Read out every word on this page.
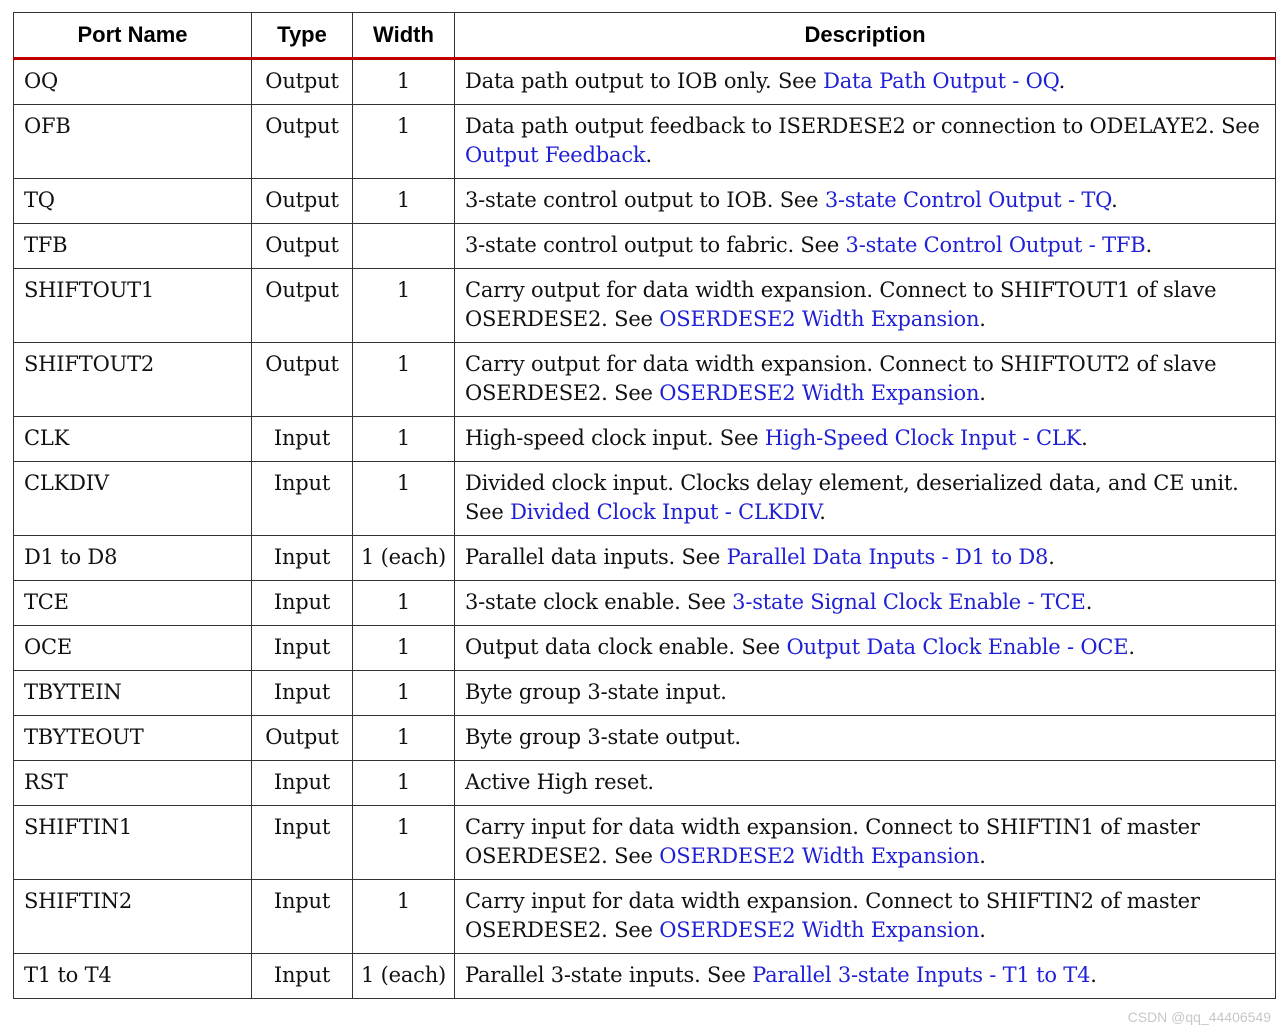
Port Name	Type	Width	Description
OQ	Output	1	Data path output to IOB only. See Data Path Output - OQ.
OFB	Output	1	Data path output feedback to ISERDESE2 or connection to ODELAYE2. See Output Feedback.
TQ	Output	1	3-state control output to IOB. See 3-state Control Output - TQ.
TFB	Output		3-state control output to fabric. See 3-state Control Output - TFB.
SHIFTOUT1	Output	1	Carry output for data width expansion. Connect to SHIFTOUT1 of slave OSERDESE2. See OSERDESE2 Width Expansion.
SHIFTOUT2	Output	1	Carry output for data width expansion. Connect to SHIFTOUT2 of slave OSERDESE2. See OSERDESE2 Width Expansion.
CLK	Input	1	High-speed clock input. See High-Speed Clock Input - CLK.
CLKDIV	Input	1	Divided clock input. Clocks delay element, deserialized data, and CE unit. See Divided Clock Input - CLKDIV.
D1 to D8	Input	1 (each)	Parallel data inputs. See Parallel Data Inputs - D1 to D8.
TCE	Input	1	3-state clock enable. See 3-state Signal Clock Enable - TCE.
OCE	Input	1	Output data clock enable. See Output Data Clock Enable - OCE.
TBYTEIN	Input	1	Byte group 3-state input.
TBYTEOUT	Output	1	Byte group 3-state output.
RST	Input	1	Active High reset.
SHIFTIN1	Input	1	Carry input for data width expansion. Connect to SHIFTIN1 of master OSERDESE2. See OSERDESE2 Width Expansion.
SHIFTIN2	Input	1	Carry input for data width expansion. Connect to SHIFTIN2 of master OSERDESE2. See OSERDESE2 Width Expansion.
T1 to T4	Input	1 (each)	Parallel 3-state inputs. See Parallel 3-state Inputs - T1 to T4.
CSDN @qq_44406549
